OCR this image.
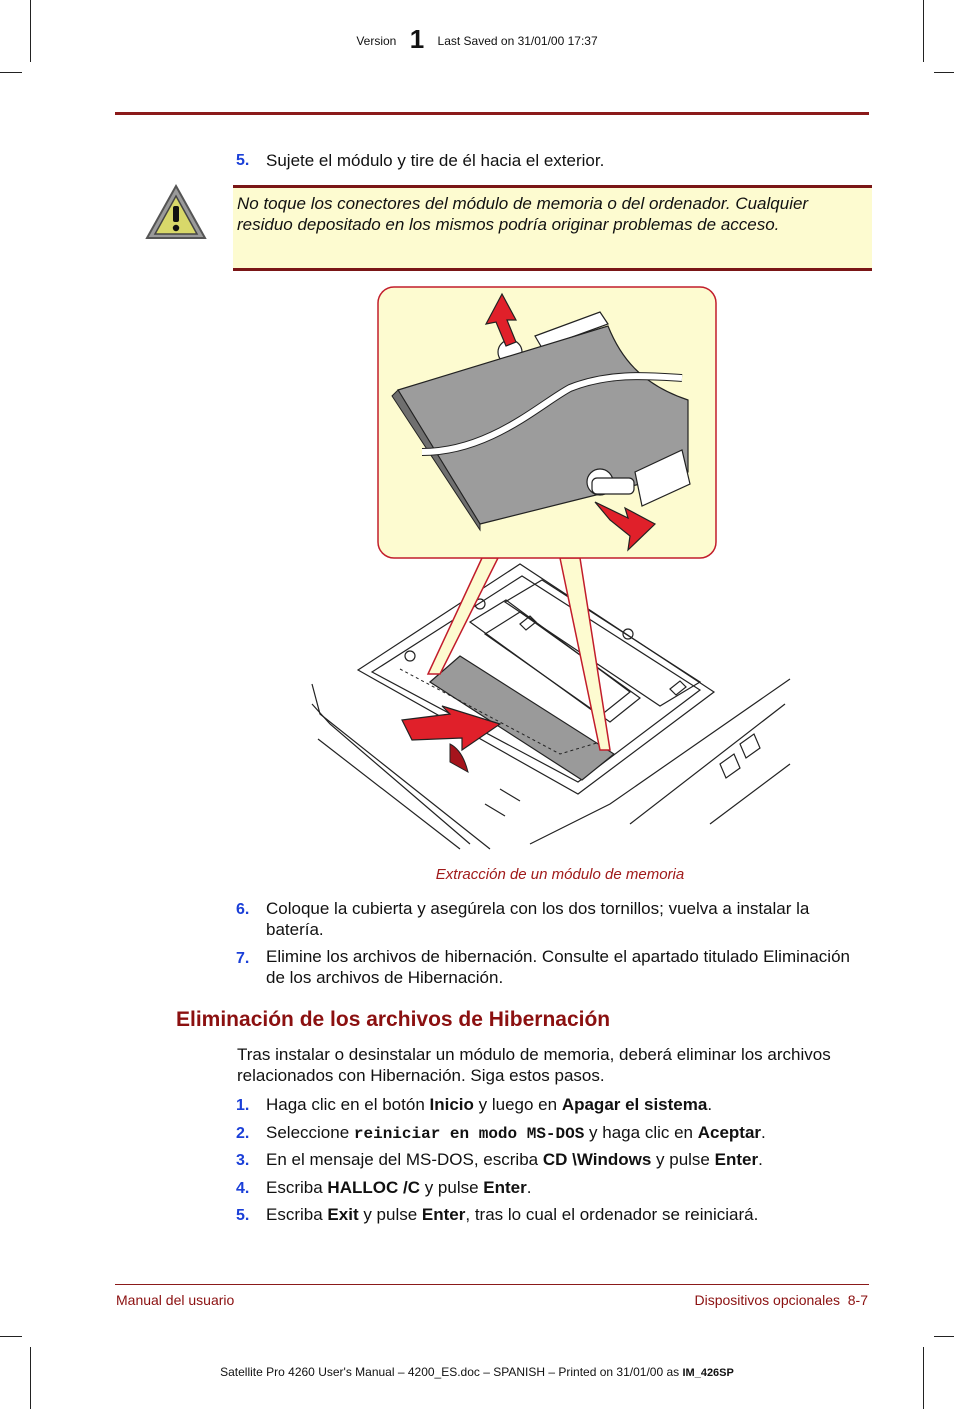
Version 1 Last Saved on 31/01/00 17:37
5. Sujete el módulo y tire de él hacia el exterior.
No toque los conectores del módulo de memoria o del ordenador. Cualquier residuo depositado en los mismos podría originar problemas de acceso.
Extracción de un módulo de memoria
6. Coloque la cubierta y asegúrela con los dos tornillos; vuelva a instalar la batería.
7. Elimine los archivos de hibernación. Consulte el apartado titulado Eliminación de los archivos de Hibernación.
Eliminación de los archivos de Hibernación
Tras instalar o desinstalar un módulo de memoria, deberá eliminar los archivos relacionados con Hibernación. Siga estos pasos.
1. Haga clic en el botón Inicio y luego en Apagar el sistema.
2. Seleccione reiniciar en modo MS-DOS y haga clic en Aceptar.
3. En el mensaje del MS-DOS, escriba CD \Windows y pulse Enter.
4. Escriba HALLOC /C y pulse Enter.
5. Escriba Exit y pulse Enter, tras lo cual el ordenador se reiniciará.
Manual del usuario	Dispositivos opcionales  8-7
Satellite Pro 4260 User's Manual – 4200_ES.doc – SPANISH – Printed on 31/01/00 as IM_426SP
